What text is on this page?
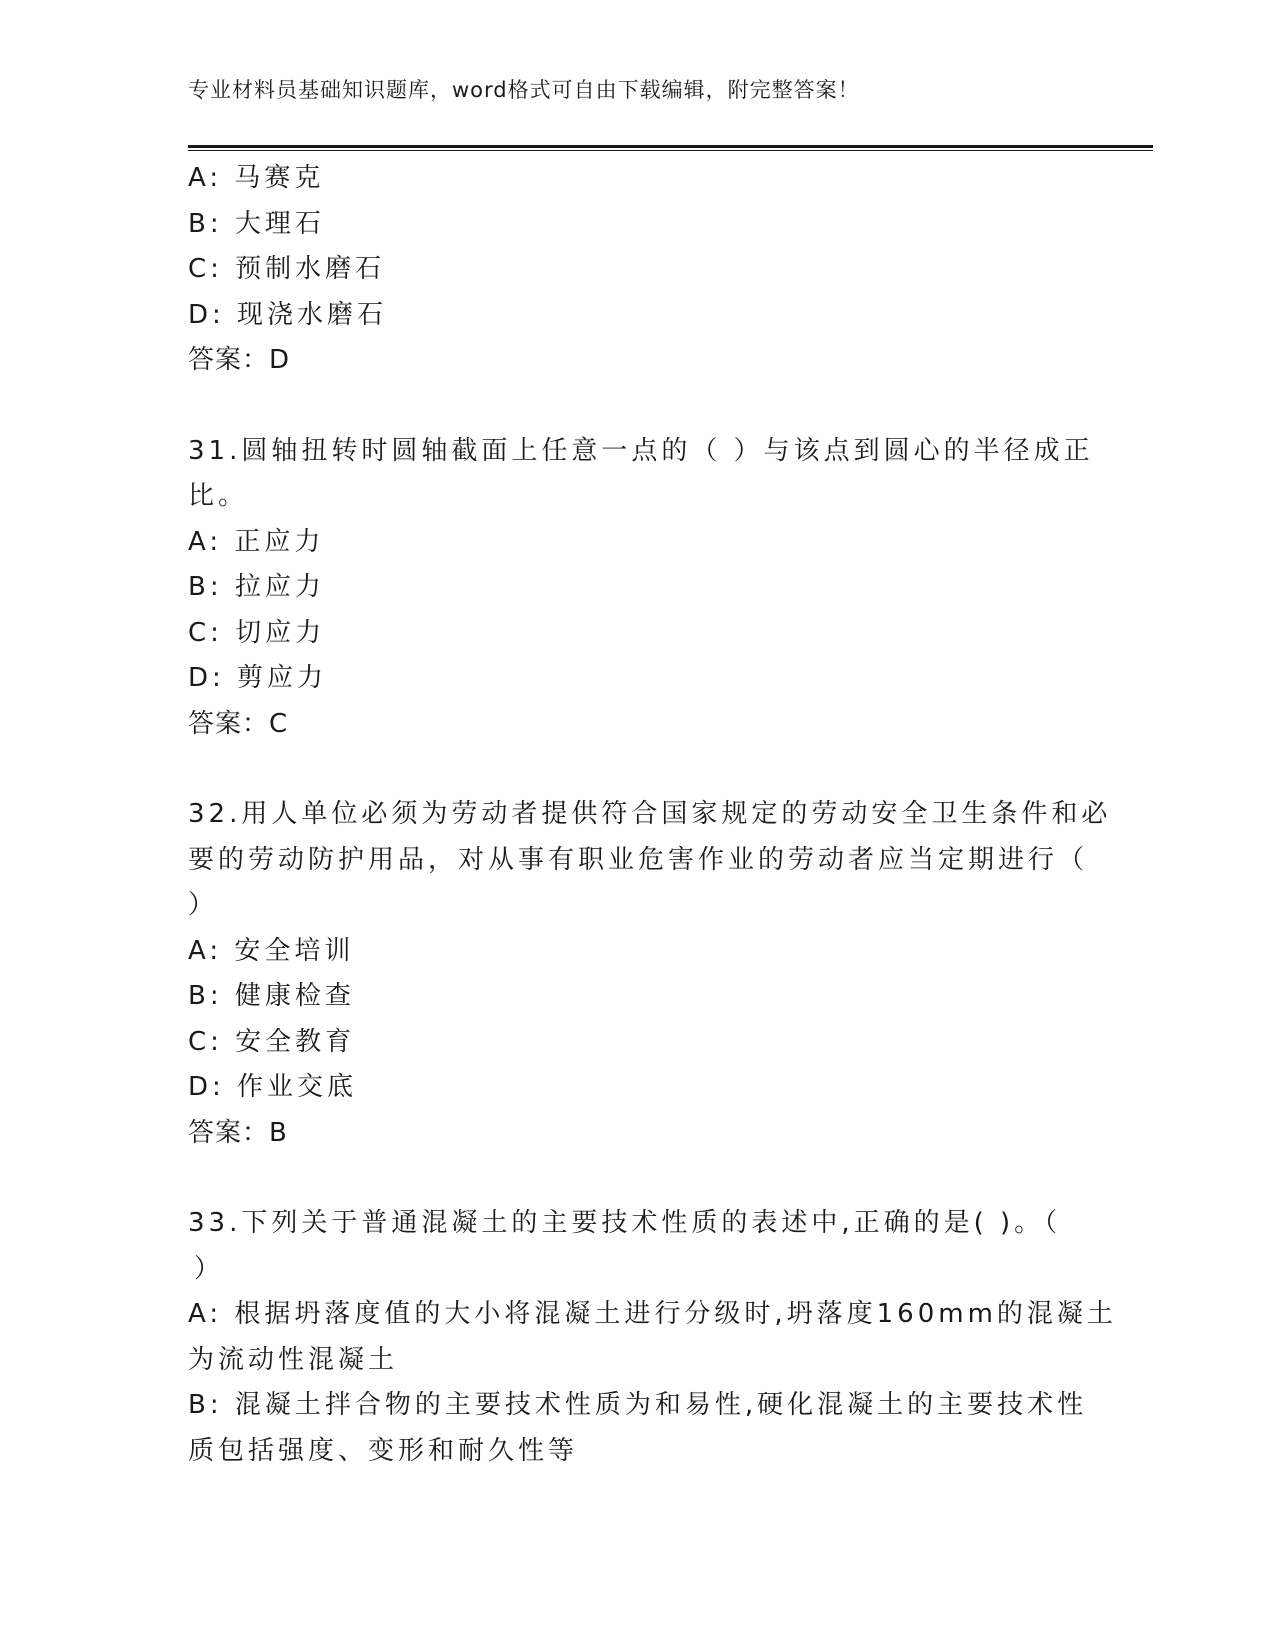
专业材料员基础知识题库，word格式可自由下载编辑，附完整答案！
A: 马赛克
B: 大理石
C: 预制水磨石
D: 现浇水磨石
答案：D
31.圆轴扭转时圆轴截面上任意一点的（ ）与该点到圆心的半径成正
比。
A: 正应力
B: 拉应力
C: 切应力
D: 剪应力
答案：C
32.用人单位必须为劳动者提供符合国家规定的劳动安全卫生条件和必
要的劳动防护用品，对从事有职业危害作业的劳动者应当定期进行（
）
A: 安全培训
B: 健康检查
C: 安全教育
D: 作业交底
答案：B
33.下列关于普通混凝土的主要技术性质的表述中,正确的是( )。（
）
A: 根据坍落度值的大小将混凝土进行分级时,坍落度160mm的混凝土
为流动性混凝土
B: 混凝土拌合物的主要技术性质为和易性,硬化混凝土的主要技术性
质包括强度、变形和耐久性等
